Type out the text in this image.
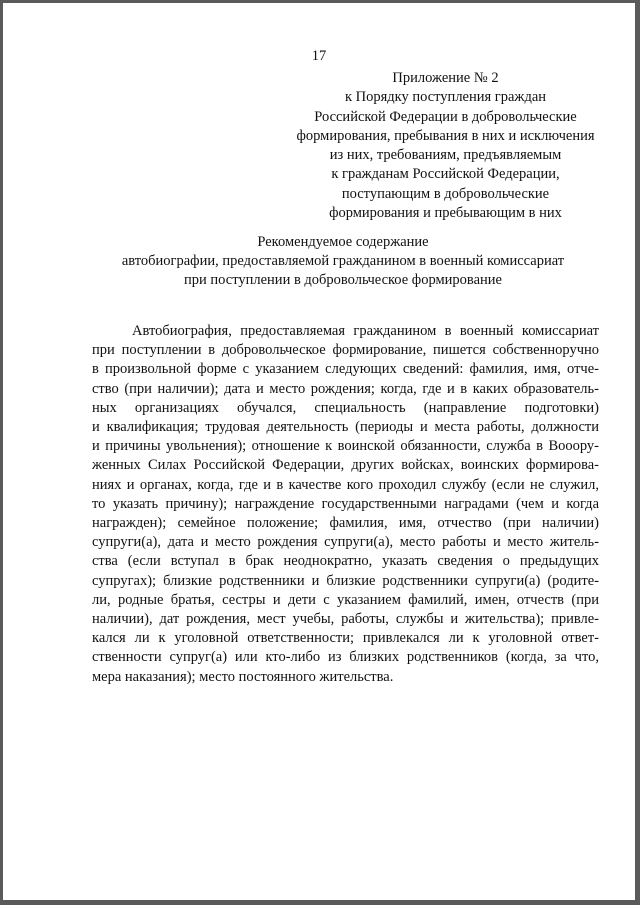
17
Приложение № 2
к Порядку поступления граждан
Российской Федерации в добровольческие
формирования, пребывания в них и исключения
из них, требованиям, предъявляемым
к гражданам Российской Федерации,
поступающим в добровольческие
формирования и пребывающим в них
Рекомендуемое содержание
автобиографии, предоставляемой гражданином в военный комиссариат
при поступлении в добровольческое формирование
Автобиография, предоставляемая гражданином в военный комиссариат
при поступлении в добровольческое формирование, пишется собственноручно
в произвольной форме с указанием следующих сведений: фамилия, имя, отче-
ство (при наличии); дата и место рождения; когда, где и в каких образователь-
ных организациях обучался, специальность (направление подготовки)
и квалификация; трудовая деятельность (периоды и места работы, должности
и причины увольнения); отношение к воинской обязанности, служба в Вооору-
женных Силах Российской Федерации, других войсках, воинских формирова-
ниях и органах, когда, где и в качестве кого проходил службу (если не служил,
то указать причину); награждение государственными наградами (чем и когда
награжден); семейное положение; фамилия, имя, отчество (при наличии)
супруги(а), дата и место рождения супруги(а), место работы и место житель-
ства (если вступал в брак неоднократно, указать сведения о предыдущих
супругах); близкие родственники и близкие родственники супруги(а) (родите-
ли, родные братья, сестры и дети с указанием фамилий, имен, отчеств (при
наличии), дат рождения, мест учебы, работы, службы и жительства); привле-
кался ли к уголовной ответственности; привлекался ли к уголовной ответ-
ственности супруг(а) или кто-либо из близких родственников (когда, за что,
мера наказания); место постоянного жительства.
